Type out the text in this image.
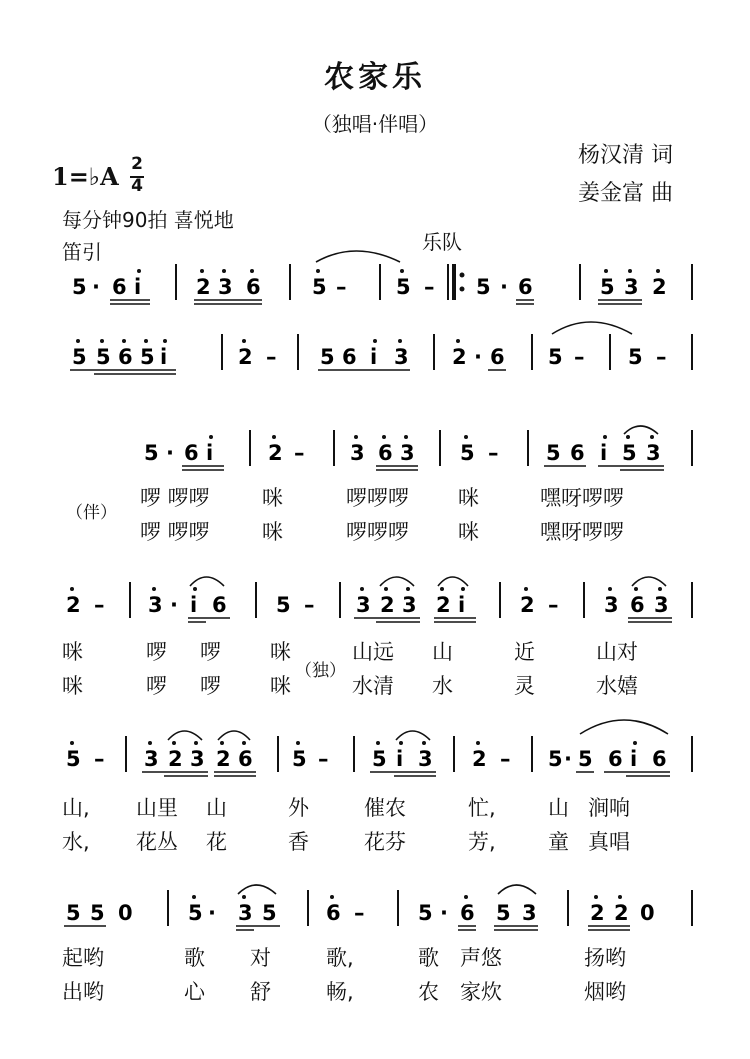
农家乐
（独唱·伴唱）
杨汉清 词
姜金富 曲
1=♭A 2
4
每分钟90拍 喜悦地
笛引	乐队
（伴）
（独）
啰 啰啰 咪	啰啰啰 咪	嘿呀啰啰
啰 啰啰 咪	啰啰啰 咪	嘿呀啰啰
咪	啰 啰 咪	山远 山	近	山对
咪	啰 啰 咪	水清 水	灵	水嬉
山, 山里 山	外	催农	忙, 山 涧响
水, 花丛 花	香	花芬	芳, 童 真唱
起哟	歌 对	歌,	歌 声悠	扬哟
出哟	心 舒	畅,	农 家炊	烟哟
5 · 6 i	2 3 6 5 – 5 – 5 · 6	5 3 2
5 5 6 5 i	2 – 5 6 i 3 2 · 6 5 – 5 –
5 · 6 i	2 – 3 6 3 5 – 5 6 i 5 3
2 – 3 · i 6 5 – 3 2 3 2 i	2 – 3 6 3
5 – 3 2 3 2 6 5 – 5 i 3 2 – 5 · 5 6 i 6
5 5 0	5 · 3 5 6 –	5 · 6 5 3	2 2 0
